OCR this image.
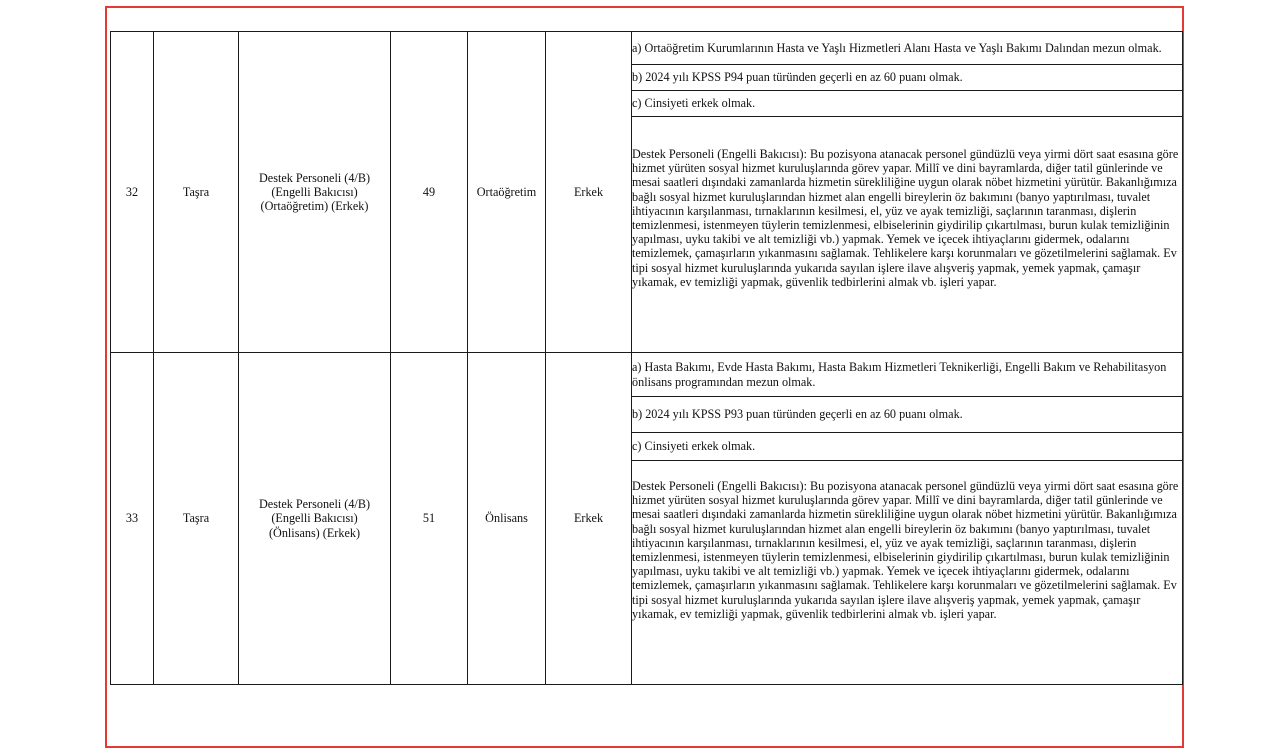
32	Taşra	Destek Personeli (4/B)
(Engelli Bakıcısı)
(Ortaöğretim) (Erkek)	49	Ortaöğretim	Erkek	a) Ortaöğretim Kurumlarının Hasta ve Yaşlı Hizmetleri Alanı Hasta ve Yaşlı Bakımı Dalından mezun olmak.
						b) 2024 yılı KPSS P94 puan türünden geçerli en az 60 puanı olmak.
						c) Cinsiyeti erkek olmak.
						Destek Personeli (Engelli Bakıcısı): Bu pozisyona atanacak personel gündüzlü veya yirmi dört saat esasına göre hizmet yürüten sosyal hizmet kuruluşlarında görev yapar. Millî ve dini bayramlarda, diğer tatil günlerinde ve mesai saatleri dışındaki zamanlarda hizmetin sürekliliğine uygun olarak nöbet hizmetini yürütür. Bakanlığımıza bağlı sosyal hizmet kuruluşlarından hizmet alan engelli bireylerin öz bakımını (banyo yaptırılması, tuvalet ihtiyacının karşılanması, tırnaklarının kesilmesi, el, yüz ve ayak temizliği, saçlarının taranması, dişlerin temizlenmesi, istenmeyen tüylerin temizlenmesi, elbiselerinin giydirilip çıkartılması, burun kulak temizliğinin yapılması, uyku takibi ve alt temizliği vb.) yapmak. Yemek ve içecek ihtiyaçlarını gidermek, odalarını temizlemek, çamaşırların yıkanmasını sağlamak. Tehlikelere karşı korunmaları ve gözetilmelerini sağlamak. Ev tipi sosyal hizmet kuruluşlarında yukarıda sayılan işlere ilave alışveriş yapmak, yemek yapmak, çamaşır yıkamak, ev temizliği yapmak, güvenlik tedbirlerini almak vb. işleri yapar.
33	Taşra	Destek Personeli (4/B)
(Engelli Bakıcısı)
(Önlisans) (Erkek)	51	Önlisans	Erkek	a) Hasta Bakımı, Evde Hasta Bakımı, Hasta Bakım Hizmetleri Teknikerliği, Engelli Bakım ve Rehabilitasyon önlisans programından mezun olmak.
						b) 2024 yılı KPSS P93 puan türünden geçerli en az 60 puanı olmak.
						c) Cinsiyeti erkek olmak.
						Destek Personeli (Engelli Bakıcısı): Bu pozisyona atanacak personel gündüzlü veya yirmi dört saat esasına göre hizmet yürüten sosyal hizmet kuruluşlarında görev yapar. Millî ve dini bayramlarda, diğer tatil günlerinde ve mesai saatleri dışındaki zamanlarda hizmetin sürekliliğine uygun olarak nöbet hizmetini yürütür. Bakanlığımıza bağlı sosyal hizmet kuruluşlarından hizmet alan engelli bireylerin öz bakımını (banyo yaptırılması, tuvalet ihtiyacının karşılanması, tırnaklarının kesilmesi, el, yüz ve ayak temizliği, saçlarının taranması, dişlerin temizlenmesi, istenmeyen tüylerin temizlenmesi, elbiselerinin giydirilip çıkartılması, burun kulak temizliğinin yapılması, uyku takibi ve alt temizliği vb.) yapmak. Yemek ve içecek ihtiyaçlarını gidermek, odalarını temizlemek, çamaşırların yıkanmasını sağlamak. Tehlikelere karşı korunmaları ve gözetilmelerini sağlamak. Ev tipi sosyal hizmet kuruluşlarında yukarıda sayılan işlere ilave alışveriş yapmak, yemek yapmak, çamaşır yıkamak, ev temizliği yapmak, güvenlik tedbirlerini almak vb. işleri yapar.
